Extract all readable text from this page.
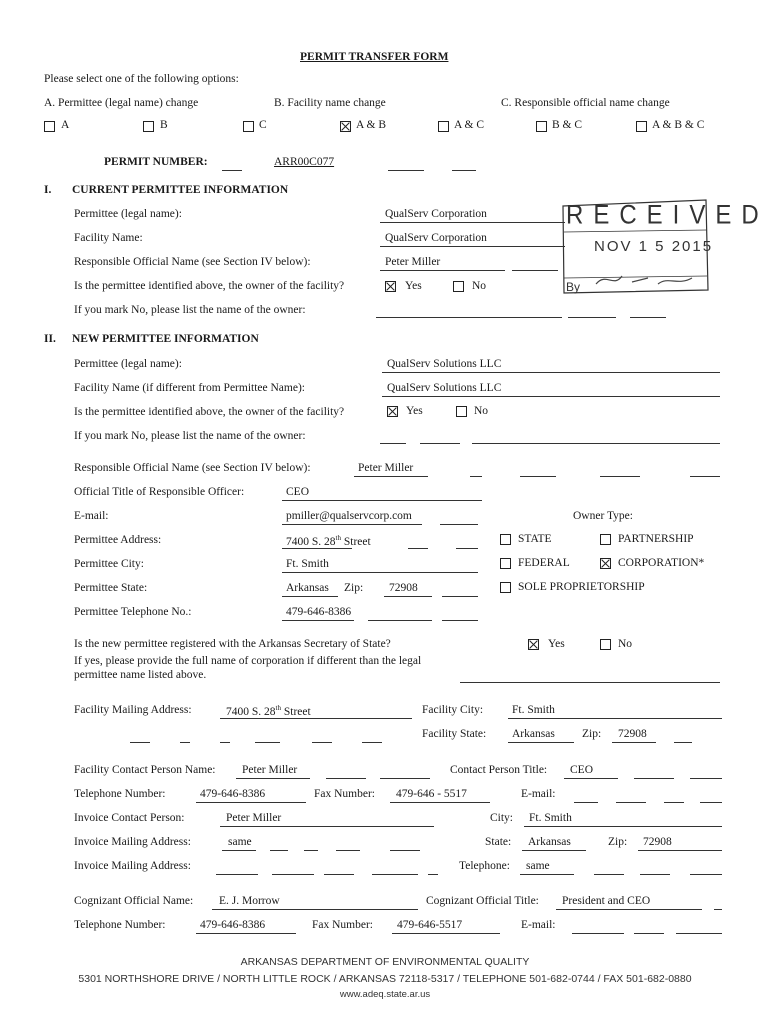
PERMIT TRANSFER FORM
Please select one of the following options:
A. Permittee (legal name) change	B. Facility name change	C. Responsible official name change
A	B	C	A & B	A & C	B & C	A & B & C
PERMIT NUMBER:	ARR00C077
I. CURRENT PERMITTEE INFORMATION
Permittee (legal name):	QualServ Corporation
Facility Name:	QualServ Corporation
Responsible Official Name (see Section IV below):	Peter Miller
Is the permittee identified above, the owner of the facility?	Yes	No
If you mark No, please list the name of the owner:
RECEIVED
NOV 1 5 2015
By
II. NEW PERMITTEE INFORMATION
Permittee (legal name):	QualServ Solutions LLC
Facility Name (if different from Permittee Name):	QualServ Solutions LLC
Is the permittee identified above, the owner of the facility?	Yes	No
If you mark No, please list the name of the owner:
Responsible Official Name (see Section IV below):	Peter Miller
Official Title of Responsible Officer:	CEO
E-mail:	pmiller@qualservcorp.com	Owner Type:
Permittee Address:	7400 S. 28th Street	STATE	PARTNERSHIP
Permittee City:	Ft. Smith	FEDERAL	CORPORATION*
Permittee State:	Arkansas Zip: 72908	SOLE PROPRIETORSHIP
Permittee Telephone No.:	479-646-8386
Is the new permittee registered with the Arkansas Secretary of State?	Yes	No
If yes, please provide the full name of corporation if different than the legal
permittee name listed above.
Facility Mailing Address:	7400 S. 28th Street	Facility City:	Ft. Smith
Facility State: Arkansas Zip: 72908
Facility Contact Person Name: Peter Miller	Contact Person Title: CEO
Telephone Number:	479-646-8386	Fax Number: 479-646 - 5517	E-mail:
Invoice Contact Person:	Peter Miller	City: Ft. Smith
Invoice Mailing Address:	same	State: Arkansas	Zip: 72908
Invoice Mailing Address:	Telephone: same
Cognizant Official Name: E. J. Morrow	Cognizant Official Title: President and CEO
Telephone Number:	479-646-8386	Fax Number: 479-646-5517	E-mail:
ARKANSAS DEPARTMENT OF ENVIRONMENTAL QUALITY
5301 NORTHSHORE DRIVE / NORTH LITTLE ROCK / ARKANSAS 72118-5317 / TELEPHONE 501-682-0744 / FAX 501-682-0880
www.adeq.state.ar.us
